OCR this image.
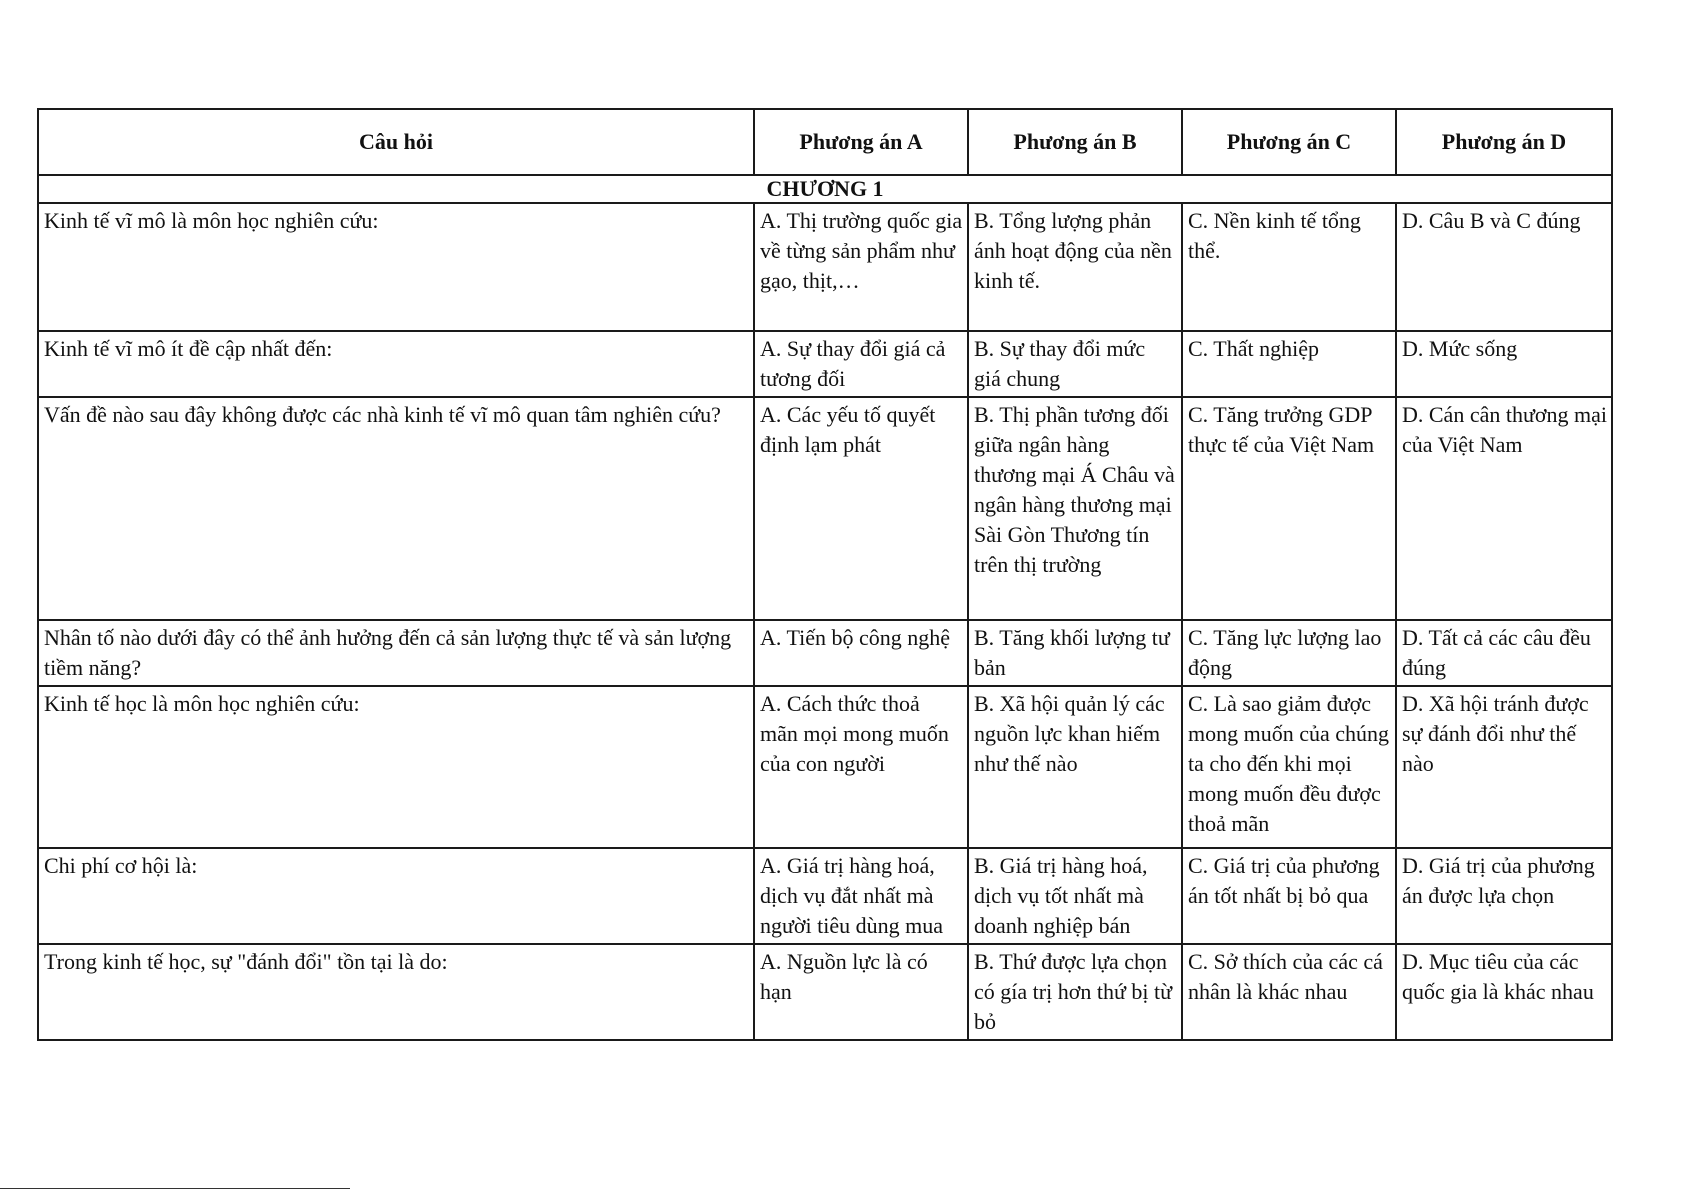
Câu hỏi	Phương án A	Phương án B	Phương án C	Phương án D
CHƯƠNG 1				
Kinh tế vĩ mô là môn học nghiên cứu:	A. Thị trường quốc gia về từng sản phẩm như gạo, thịt,…	B. Tổng lượng phản ánh hoạt động của nền kinh tế.	C. Nền kinh tế tổng thể.	D. Câu B và C đúng
Kinh tế vĩ mô ít đề cập nhất đến:	A. Sự thay đổi giá cả tương đối	B. Sự thay đổi mức giá chung	C. Thất nghiệp	D. Mức sống
Vấn đề nào sau đây không được các nhà kinh tế vĩ mô quan tâm nghiên cứu?	A. Các yếu tố quyết định lạm phát	B. Thị phần tương đối giữa ngân hàng thương mại Á Châu và ngân hàng thương mại Sài Gòn Thương tín trên thị trường	C. Tăng trưởng GDP thực tế của Việt Nam	D. Cán cân thương mại của Việt Nam
Nhân tố nào dưới đây có thể ảnh hưởng đến cả sản lượng thực tế và sản lượng tiềm năng?	A. Tiến bộ công nghệ	B. Tăng khối lượng tư bản	C. Tăng lực lượng lao động	D. Tất cả các câu đều đúng
Kinh tế học là môn học nghiên cứu:	A. Cách thức thoả mãn mọi mong muốn của con người	B. Xã hội quản lý các nguồn lực khan hiếm như thế nào	C. Là sao giảm được mong muốn của chúng ta cho đến khi mọi mong muốn đều được thoả mãn	D. Xã hội tránh được sự đánh đổi như thế nào
Chi phí cơ hội là:	A. Giá trị hàng hoá, dịch vụ đắt nhất mà người tiêu dùng mua	B. Giá trị hàng hoá, dịch vụ tốt nhất mà doanh nghiệp bán	C. Giá trị của phương án tốt nhất bị bỏ qua	D. Giá trị của phương án được lựa chọn
Trong kinh tế học, sự "đánh đổi" tồn tại là do:	A. Nguồn lực là có hạn	B. Thứ được lựa chọn có gía trị hơn thứ bị từ bỏ	C. Sở thích của các cá nhân là khác nhau	D. Mục tiêu của các quốc gia là khác nhau
